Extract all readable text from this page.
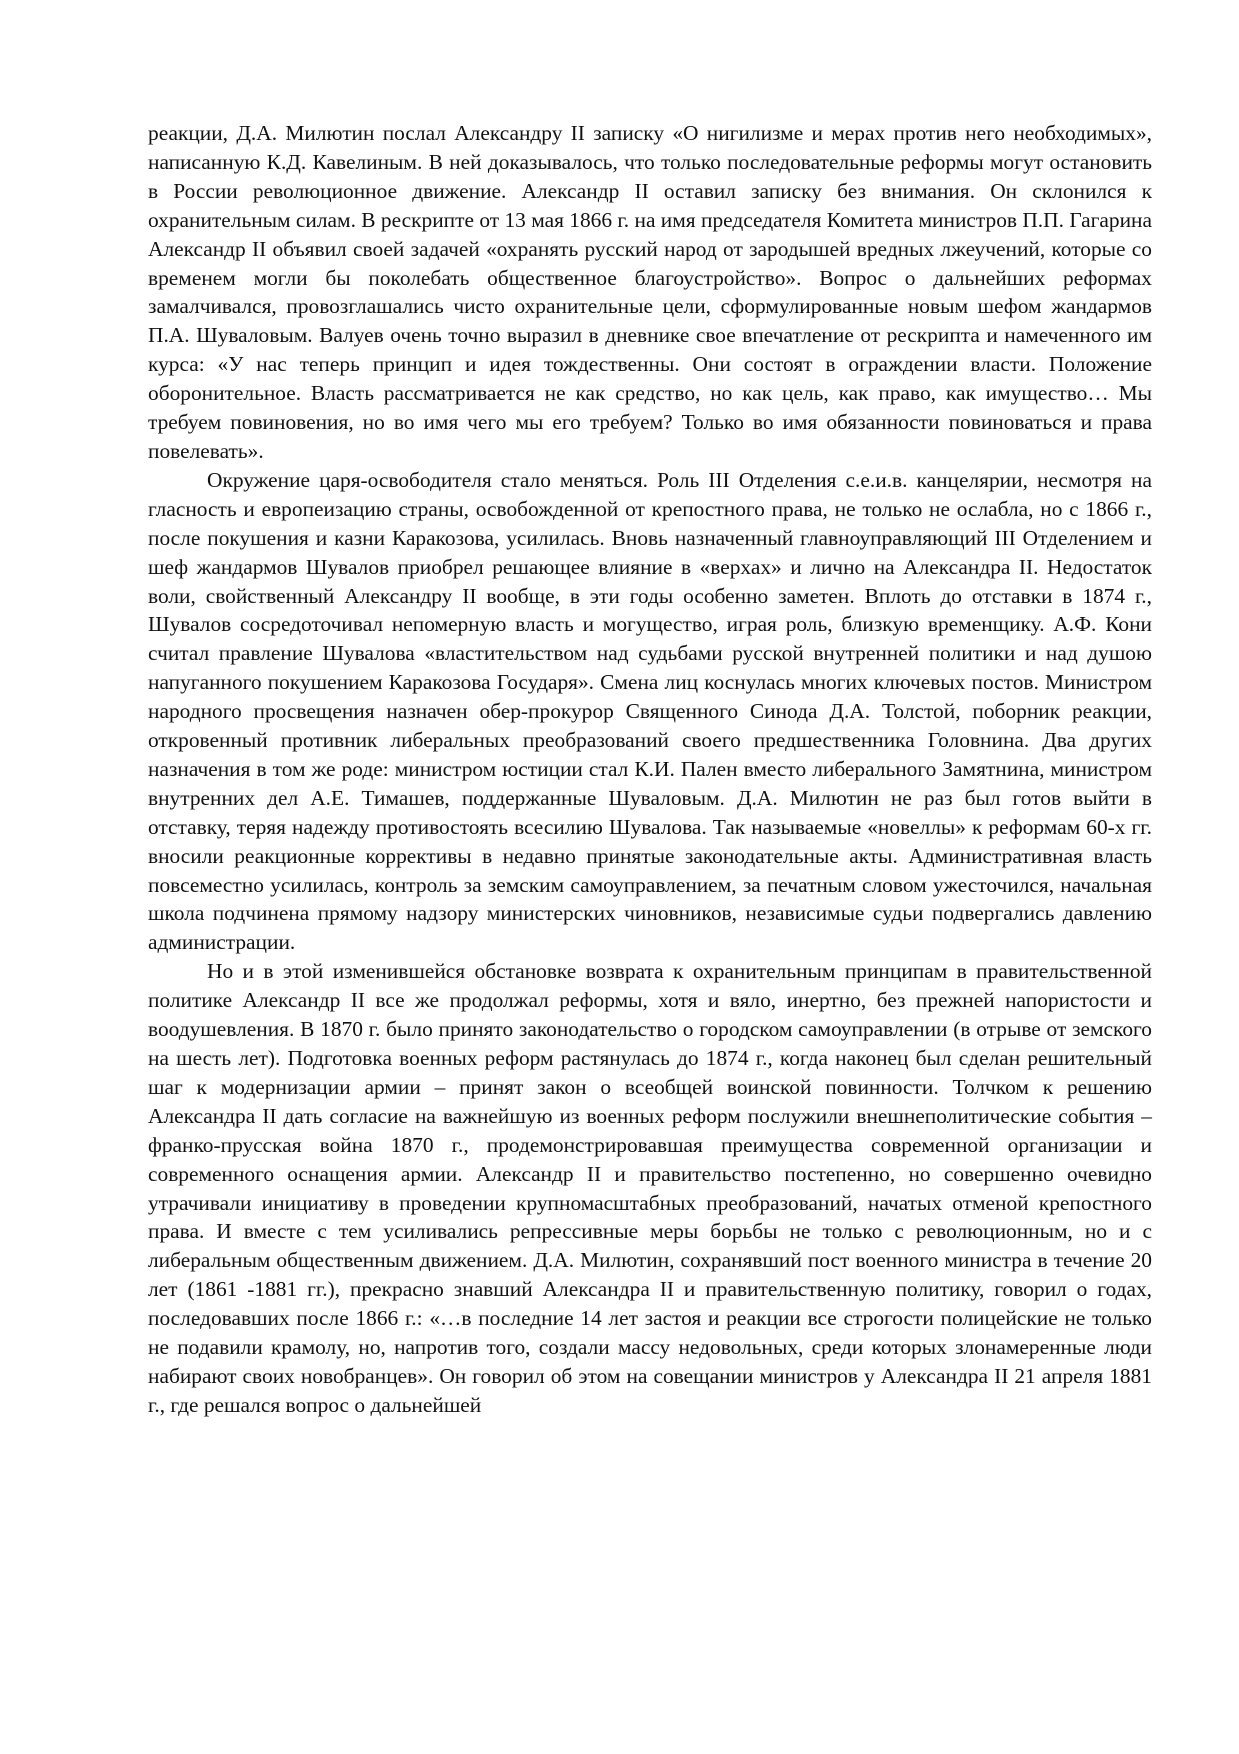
реакции, Д.А. Милютин послал Александру II записку «О нигилизме и мерах против него необходимых», написанную К.Д. Кавелиным. В ней доказывалось, что только последовательные реформы могут остановить в России революционное движение. Александр II оставил записку без внимания. Он склонился к охранительным силам. В рескрипте от 13 мая 1866 г. на имя председателя Комитета министров П.П. Гагарина Александр II объявил своей задачей «охранять русский народ от зародышей вредных лжеучений, которые со временем могли бы поколебать общественное благоустройство». Вопрос о дальнейших реформах замалчивался, провозглашались чисто охранительные цели, сформулированные новым шефом жандармов П.А. Шуваловым. Валуев очень точно выразил в дневнике свое впечатление от рескрипта и намеченного им курса: «У нас теперь принцип и идея тождественны. Они состоят в ограждении власти. Положение оборонительное. Власть рассматривается не как средство, но как цель, как право, как имущество… Мы требуем повиновения, но во имя чего мы его требуем? Только во имя обязанности повиноваться и права повелевать».

Окружение царя-освободителя стало меняться. Роль III Отделения с.е.и.в. канцелярии, несмотря на гласность и европеизацию страны, освобожденной от крепостного права, не только не ослабла, но с 1866 г., после покушения и казни Каракозова, усилилась. Вновь назначенный главноуправляющий III Отделением и шеф жандармов Шувалов приобрел решающее влияние в «верхах» и лично на Александра II. Недостаток воли, свойственный Александру II вообще, в эти годы особенно заметен. Вплоть до отставки в 1874 г., Шувалов сосредоточивал непомерную власть и могущество, играя роль, близкую временщику. А.Ф. Кони считал правление Шувалова «властительством над судьбами русской внутренней политики и над душою напуганного покушением Каракозова Государя». Смена лиц коснулась многих ключевых постов. Министром народного просвещения назначен обер-прокурор Священного Синода Д.А. Толстой, поборник реакции, откровенный противник либеральных преобразований своего предшественника Головнина. Два других назначения в том же роде: министром юстиции стал К.И. Пален вместо либерального Замятнина, министром внутренних дел А.Е. Тимашев, поддержанные Шуваловым. Д.А. Милютин не раз был готов выйти в отставку, теряя надежду противостоять всесилию Шувалова. Так называемые «новеллы» к реформам 60-х гг. вносили реакционные коррективы в недавно принятые законодательные акты. Административная власть повсеместно усилилась, контроль за земским самоуправлением, за печатным словом ужесточился, начальная школа подчинена прямому надзору министерских чиновников, независимые судьи подвергались давлению администрации.

Но и в этой изменившейся обстановке возврата к охранительным принципам в правительственной политике Александр II все же продолжал реформы, хотя и вяло, инертно, без прежней напористости и воодушевления. В 1870 г. было принято законодательство о городском самоуправлении (в отрыве от земского на шесть лет). Подготовка военных реформ растянулась до 1874 г., когда наконец был сделан решительный шаг к модернизации армии – принят закон о всеобщей воинской повинности. Толчком к решению Александра II дать согласие на важнейшую из военных реформ послужили внешнеполитические события – франко-прусская война 1870 г., продемонстрировавшая преимущества современной организации и современного оснащения армии. Александр II и правительство постепенно, но совершенно очевидно утрачивали инициативу в проведении крупномасштабных преобразований, начатых отменой крепостного права. И вместе с тем усиливались репрессивные меры борьбы не только с революционным, но и с либеральным общественным движением. Д.А. Милютин, сохранявший пост военного министра в течение 20 лет (1861 -1881 гг.), прекрасно знавший Александра II и правительственную политику, говорил о годах, последовавших после 1866 г.: «…в последние 14 лет застоя и реакции все строгости полицейские не только не подавили крамолу, но, напротив того, создали массу недовольных, среди которых злонамеренные люди набирают своих новобранцев». Он говорил об этом на совещании министров у Александра II 21 апреля 1881 г., где решался вопрос о дальнейшей
